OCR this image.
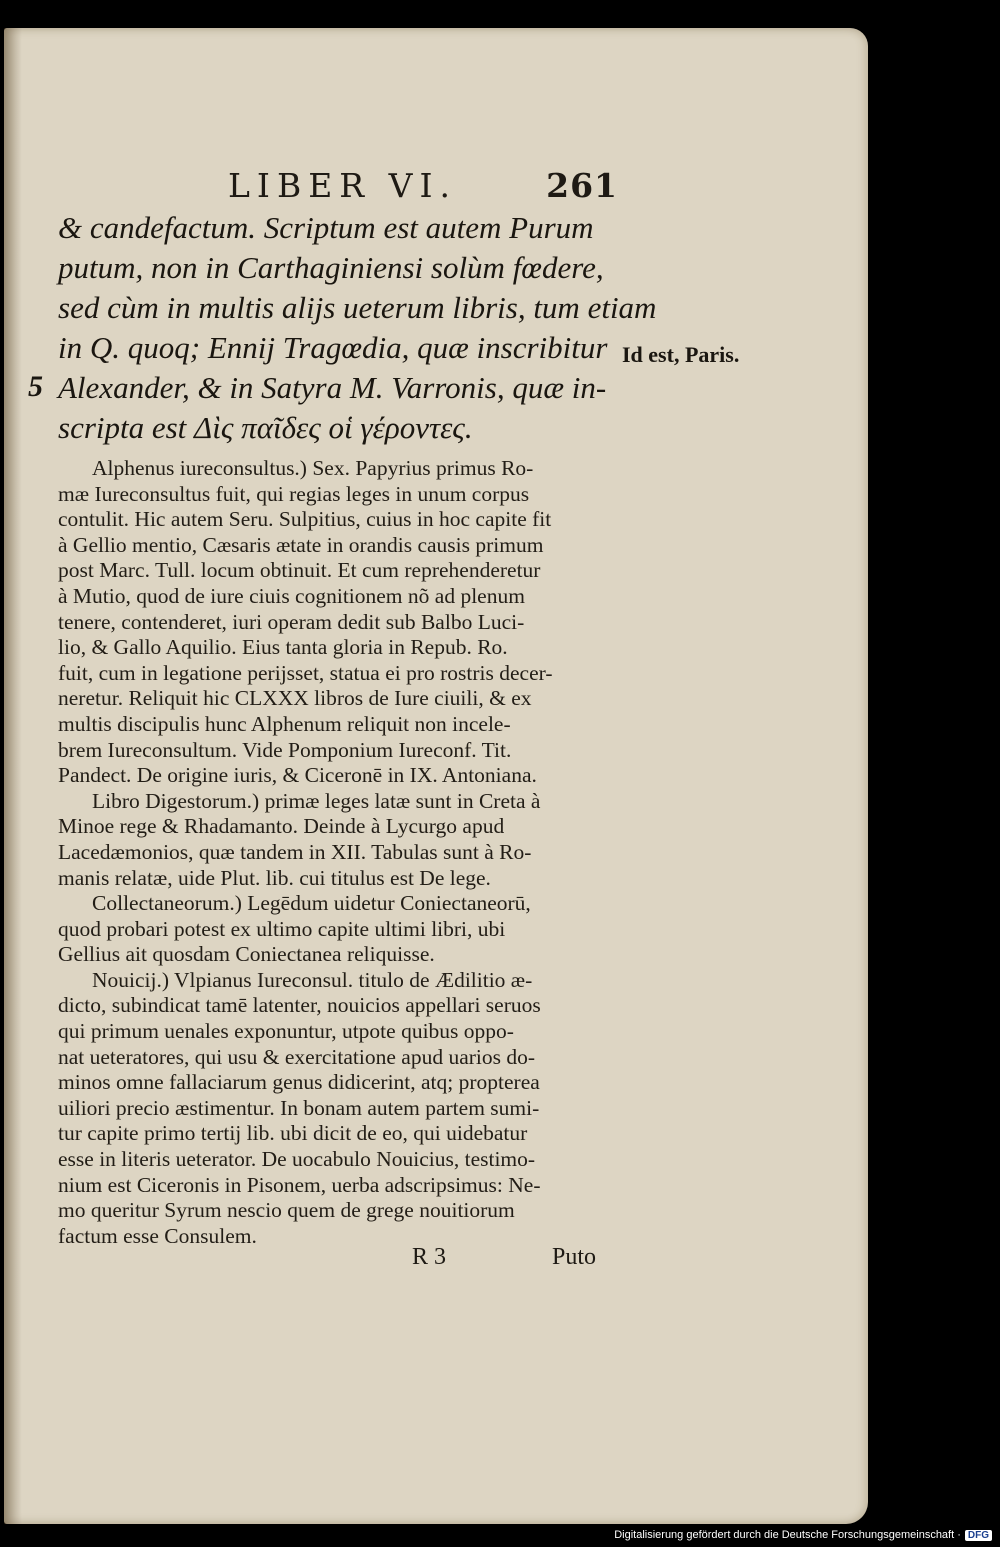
LIBER VI.	261
& candefactum. Scriptum est autem Purum
putum, non in Carthaginiensi solùm fœdere,
sed cùm in multis alijs ueterum libris, tum etiam
in Q. quoq; Ennij Tragœdia, quæ inscribitur
Alexander, & in Satyra M. Varronis, quæ in-
scripta est Δὶς παῖδες οἱ γέροντες.
5
Id est, Paris.
Alphenus iureconsultus.) Sex. Papyrius primus Ro-
mæ Iureconsultus fuit, qui regias leges in unum corpus
contulit. Hic autem Seru. Sulpitius, cuius in hoc capite fit
à Gellio mentio, Cæsaris ætate in orandis causis primum
post Marc. Tull. locum obtinuit. Et cum reprehenderetur
à Mutio, quod de iure ciuis cognitionem nõ ad plenum
tenere, contenderet, iuri operam dedit sub Balbo Luci-
lio, & Gallo Aquilio. Eius tanta gloria in Repub. Ro.
fuit, cum in legatione perijsset, statua ei pro rostris decer-
neretur. Reliquit hic CLXXX libros de Iure ciuili, & ex
multis discipulis hunc Alphenum reliquit non incele-
brem Iureconsultum. Vide Pomponium Iureconf. Tit.
Pandect. De origine iuris, & Ciceronē in IX. Antoniana.
Libro Digestorum.) primæ leges latæ sunt in Creta à
Minoe rege & Rhadamanto. Deinde à Lycurgo apud
Lacedæmonios, quæ tandem in XII. Tabulas sunt à Ro-
manis relatæ, uide Plut. lib. cui titulus est De lege.
Collectaneorum.) Legēdum uidetur Coniectaneorū,
quod probari potest ex ultimo capite ultimi libri, ubi
Gellius ait quosdam Coniectanea reliquisse.
Nouicij.) Vlpianus Iureconsul. titulo de Ædilitio æ-
dicto, subindicat tamē latenter, nouicios appellari seruos
qui primum uenales exponuntur, utpote quibus oppo-
nat ueteratores, qui usu & exercitatione apud uarios do-
minos omne fallaciarum genus didicerint, atq; propterea
uiliori precio æstimentur. In bonam autem partem sumi-
tur capite primo tertij lib. ubi dicit de eo, qui uidebatur
esse in literis ueterator. De uocabulo Nouicius, testimo-
nium est Ciceronis in Pisonem, uerba adscripsimus: Ne-
mo queritur Syrum nescio quem de grege nouitiorum
factum esse Consulem.
R 3	Puto
Digitalisierung gefördert durch die Deutsche Forschungsgemeinschaft · DFG
